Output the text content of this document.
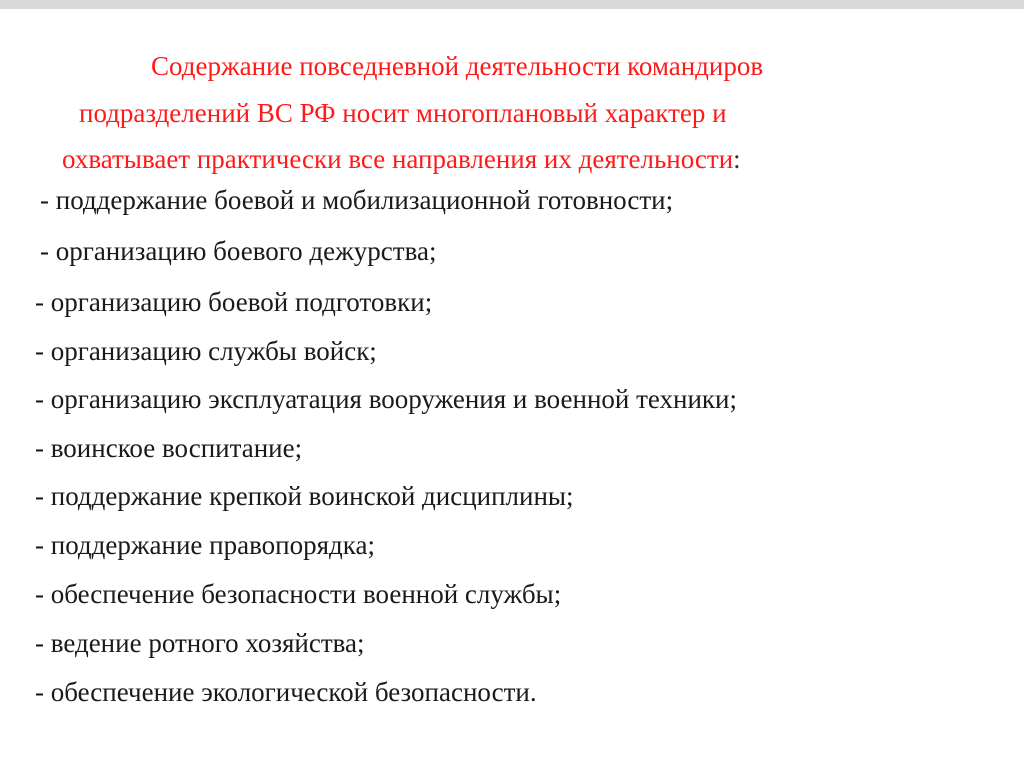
Содержание повседневной деятельности командиров
подразделений ВС РФ носит многоплановый характер и
охватывает практически все направления их деятельности:
- поддержание боевой и мобилизационной готовности;
- организацию боевого дежурства;
- организацию боевой подготовки;
- организацию службы войск;
- организацию эксплуатация вооружения и военной техники;
- воинское воспитание;
- поддержание крепкой воинской дисциплины;
- поддержание правопорядка;
- обеспечение безопасности военной службы;
- ведение ротного хозяйства;
- обеспечение экологической безопасности.
